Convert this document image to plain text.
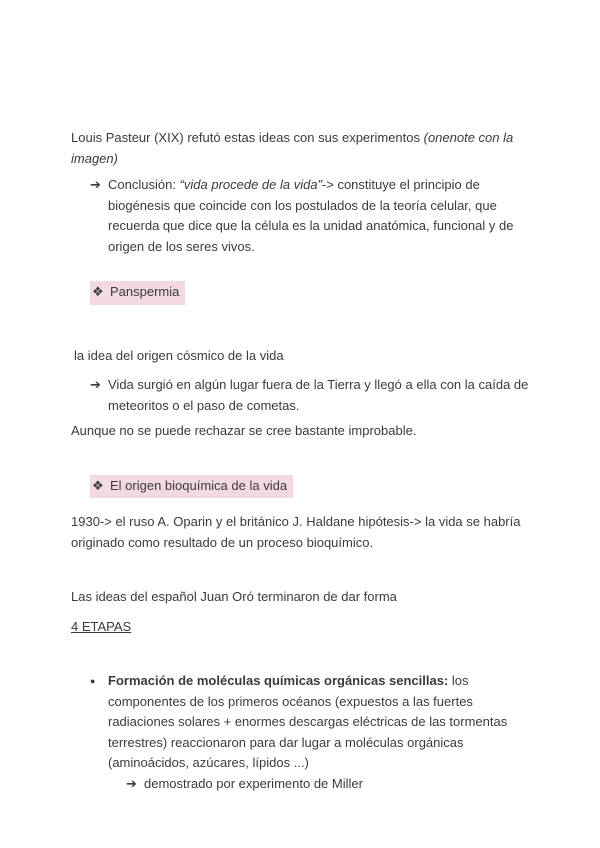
Louis Pasteur (XIX) refutó estas ideas con sus experimentos (onenote con la imagen)
➔ Conclusión: “vida procede de la vida”-> constituye el principio de biogénesis que coincide con los postulados de la teoría celular, que recuerda que dice que la célula es la unidad anatómica, funcional y de origen de los seres vivos.
❖ Panspermia
la idea del origen cósmico de la vida
➔ Vida surgió en algún lugar fuera de la Tierra y llegó a ella con la caída de meteoritos o el paso de cometas.
Aunque no se puede rechazar se cree bastante improbable.
❖ El origen bioquímica de la vida
1930-> el ruso A. Oparin y el británico J. Haldane hipótesis-> la vida se habría originado como resultado de un proceso bioquímico.
Las ideas del español Juan Oró terminaron de dar forma
4 ETAPAS
● Formación de moléculas químicas orgánicas sencillas: los componentes de los primeros océanos (expuestos a las fuertes radiaciones solares + enormes descargas eléctricas de las tormentas terrestres) reaccionaron para dar lugar a moléculas orgánicas (aminoácidos, azúcares, lípidos ...)
➔ demostrado por experimento de Miller
